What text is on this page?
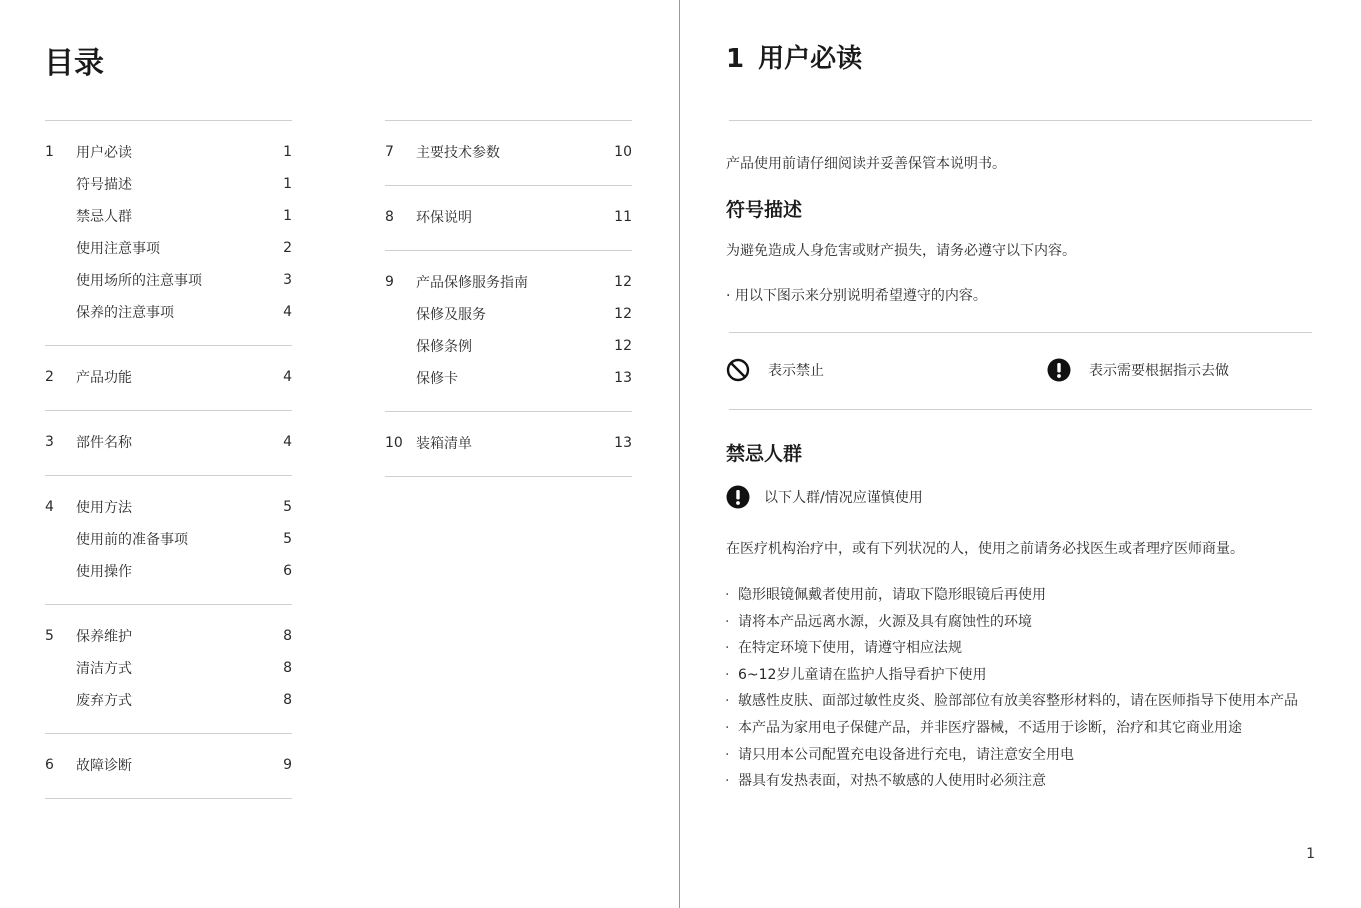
目录
1	用户必读	1
符号描述	1
禁忌人群	1
使用注意事项	2
使用场所的注意事项	3
保养的注意事项	4
2	产品功能	4
3	部件名称	4
4	使用方法	5
使用前的准备事项	5
使用操作	6
5	保养维护	8
清洁方式	8
废弃方式	8
6	故障诊断	9
7	主要技术参数	10
8	环保说明	11
9	产品保修服务指南	12
保修及服务	12
保修条例	12
保修卡	13
10 装箱清单	13
1 用户必读

产品使用前请仔细阅读并妥善保管本说明书。

符号描述

为避免造成人身危害或财产损失，请务必遵守以下内容。

· 用以下图示来分别说明希望遵守的内容。

表示禁止	表示需要根据指示去做
禁忌人群
以下人群/情况应谨慎使用

在医疗机构治疗中，或有下列状况的人，使用之前请务必找医生或者理疗医师商量。

· 隐形眼镜佩戴者使用前，请取下隐形眼镜后再使用
· 请将本产品远离水源，火源及具有腐蚀性的环境
· 在特定环境下使用，请遵守相应法规
· 6~12岁儿童请在监护人指导看护下使用
· 敏感性皮肤、面部过敏性皮炎、脸部部位有放美容整形材料的，请在医师指导下使用本产品
· 本产品为家用电子保健产品，并非医疗器械，不适用于诊断，治疗和其它商业用途
· 请只用本公司配置充电设备进行充电，请注意安全用电
· 器具有发热表面，对热不敏感的人使用时必须注意
1
